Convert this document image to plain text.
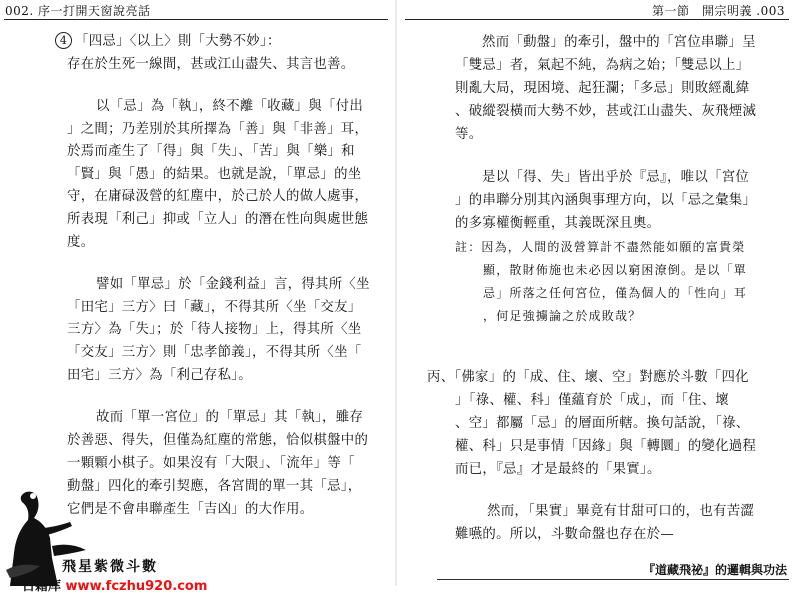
002. 序一打開天窗說亮話
4 「四忌」〈以上〉則「大勢不妙」：
存在於生死一線間，甚或江山盡失、其言也善。
以「忌」為「執」，終不離「收藏」與「付出
」之間；乃差別於其所擇為「善」與「非善」耳，
於焉而產生了「得」與「失」、「苦」與「樂」和
「賢」與「愚」的結果。也就是說，「單忌」的坐
守，在庸碌汲營的紅塵中，於己於人的做人處事，
所表現「利己」抑或「立人」的潛在性向與處世態
度。
譬如「單忌」於「金錢利益」言，得其所〈坐
「田宅」三方〉曰「藏」，不得其所〈坐「交友」
三方〉為「失」；於「待人接物」上，得其所〈坐
「交友」三方〉則「忠孝節義」，不得其所〈坐「
田宅」三方〉為「利己存私」。
故而「單一宮位」的「單忌」其「執」，雖存
於善惡、得失，但僅為紅塵的常態，恰似棋盤中的
一顆顆小棋子。如果沒有「大限」、「流年」等「
動盤」四化的牽引契應，各宮間的單一其「忌」，
它們是不會串聯產生「吉凶」的大作用。
飛星紫微斗數
古籍库 www.fczhu920.com
第一節　開宗明義 .003
然而「動盤」的牽引，盤中的「宮位串聯」呈
「雙忌」者，氣起不純，為病之始；「雙忌以上」
則亂大局，現困境、起狂瀾；「多忌」則敗經亂緯
、破縱裂橫而大勢不妙，甚或江山盡失、灰飛煙滅
等。
是以「得、失」皆出乎於『忌』，唯以「宮位
」的串聯分別其內涵與事理方向，以「忌之彙集」
的多寡權衡輕重，其義既深且奧。
註：因為，人間的汲營算計不盡然能如願的富貴榮
顯，散財佈施也未必因以窮困潦倒。是以「單
忌」所落之任何宮位，僅為個人的「性向」耳
，何足強擄論之於成敗哉？
丙、「佛家」的「成、住、壞、空」對應於斗數「四化
」「祿、權、科」僅蘊育於「成」，而「住、壞
、空」都屬「忌」的層面所轄。換句話說，「祿、
權、科」只是事情「因緣」與「轉圜」的變化過程
而已，『忌』才是最終的「果實」。
然而，「果實」畢竟有甘甜可口的，也有苦澀
難嚥的。所以，斗數命盤也存在於—
『道藏飛祕』的邏輯與功法
